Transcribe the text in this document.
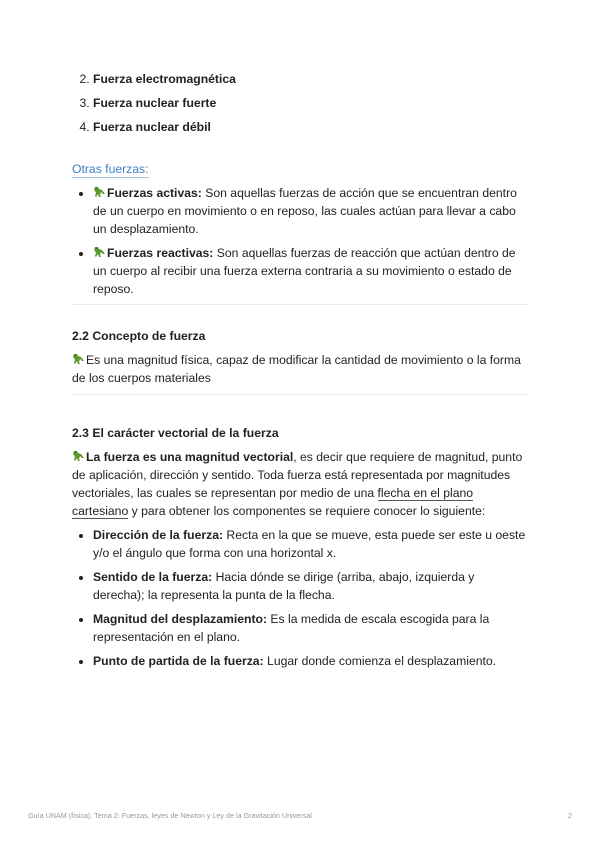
2. Fuerza electromagnética
3. Fuerza nuclear fuerte
4. Fuerza nuclear débil
Otras fuerzas:
• Fuerzas activas: Son aquellas fuerzas de acción que se encuentran dentro de un cuerpo en movimiento o en reposo, las cuales actúan para llevar a cabo un desplazamiento.
• Fuerzas reactivas: Son aquellas fuerzas de reacción que actúan dentro de un cuerpo al recibir una fuerza externa contraria a su movimiento o estado de reposo.
2.2 Concepto de fuerza

Es una magnitud física, capaz de modificar la cantidad de movimiento o la forma de los cuerpos materiales

2.3 El carácter vectorial de la fuerza

La fuerza es una magnitud vectorial, es decir que requiere de magnitud, punto de aplicación, dirección y sentido. Toda fuerza está representada por magnitudes vectoriales, las cuales se representan por medio de una flecha en el plano cartesiano y para obtener los componentes se requiere conocer lo siguiente:

• Dirección de la fuerza: Recta en la que se mueve, esta puede ser este u oeste y/o el ángulo que forma con una horizontal x.
• Sentido de la fuerza: Hacia dónde se dirige (arriba, abajo, izquierda y derecha); la representa la punta de la flecha.
• Magnitud del desplazamiento: Es la medida de escala escogida para la representación en el plano.
• Punto de partida de la fuerza: Lugar donde comienza el desplazamiento.
Guía UNAM (física). Tema 2: Fuerzas, leyes de Newton y Ley de la Gravitación Universal	2
